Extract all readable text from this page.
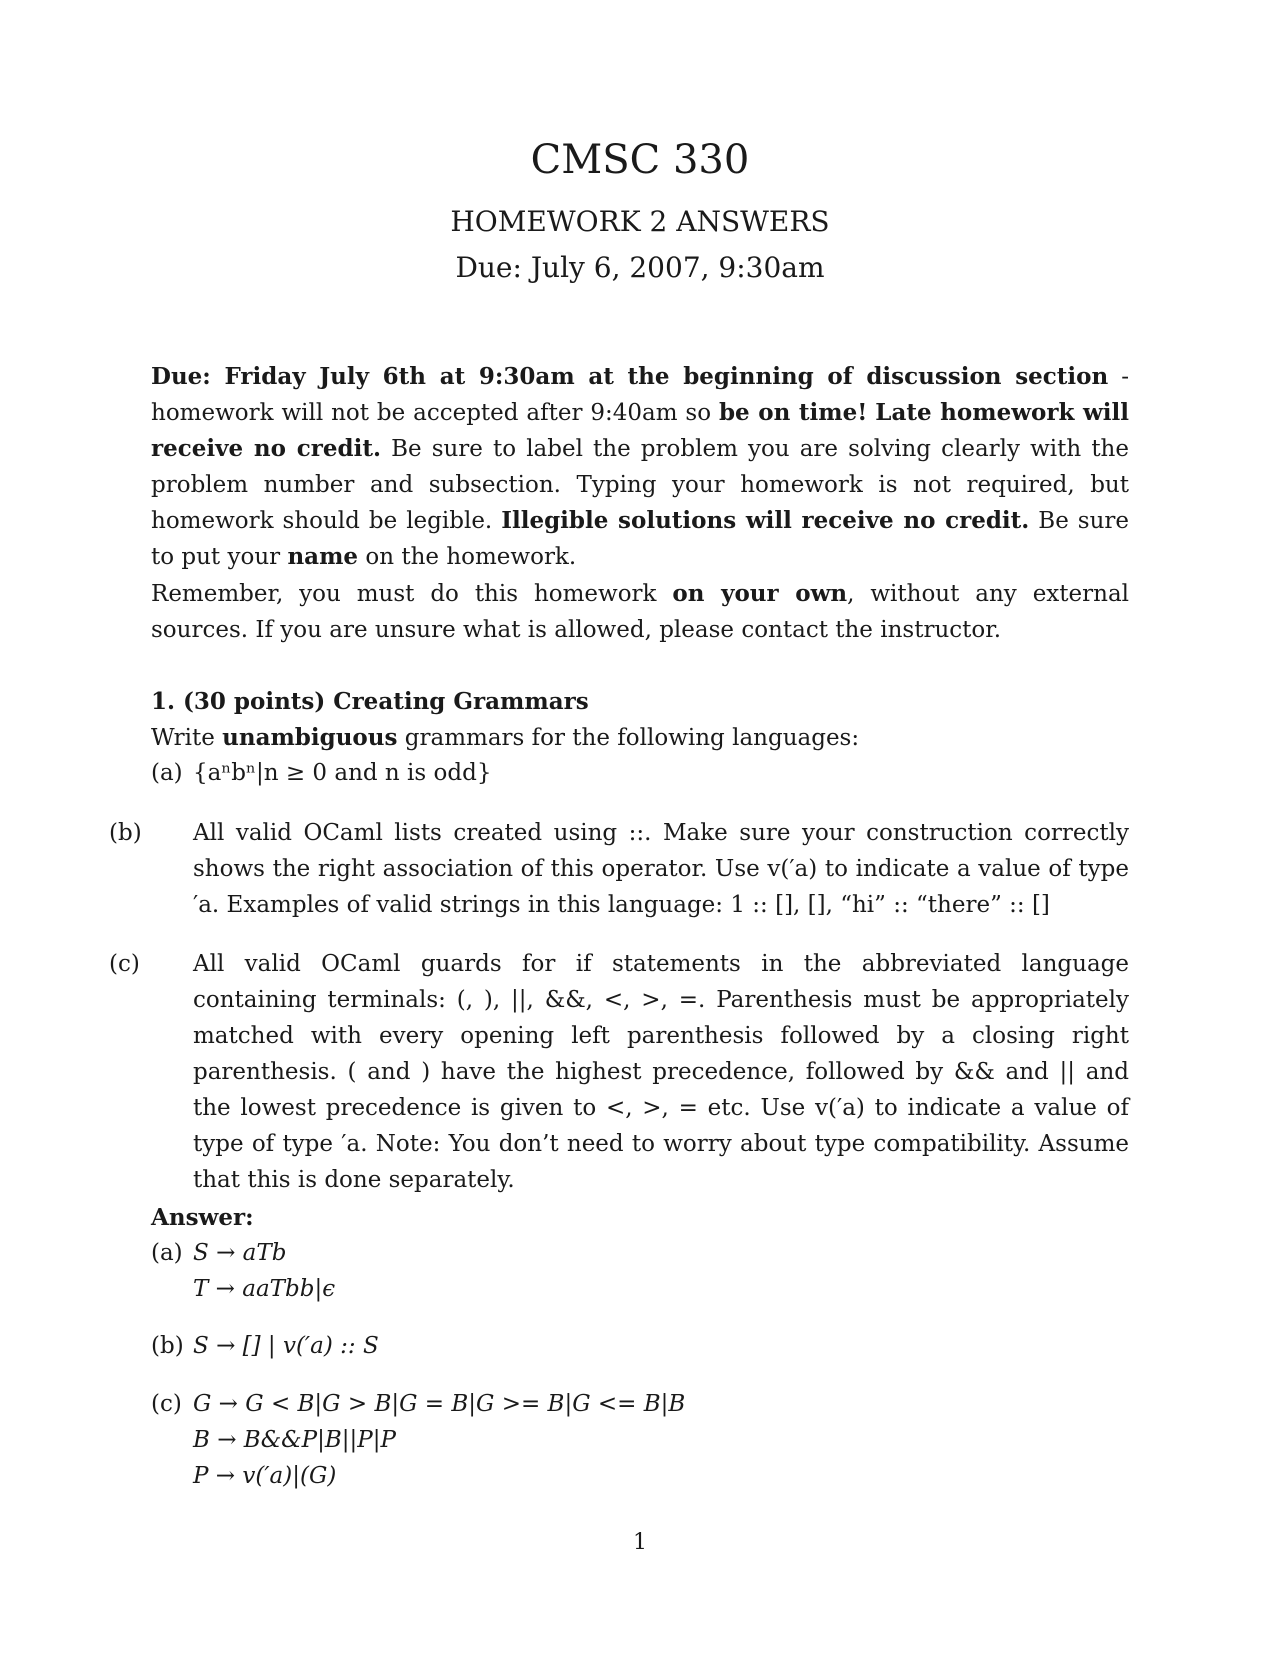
CMSC 330
HOMEWORK 2 ANSWERS
Due: July 6, 2007, 9:30am

Due: Friday July 6th at 9:30am at the beginning of discussion section - homework will not be accepted after 9:40am so be on time! Late homework will receive no credit. Be sure to label the problem you are solving clearly with the problem number and subsection. Typing your homework is not required, but homework should be legible. Illegible solutions will receive no credit. Be sure to put your name on the homework.

Remember, you must do this homework on your own, without any external sources. If you are unsure what is allowed, please contact the instructor.

1. (30 points) Creating Grammars
Write unambiguous grammars for the following languages:
(a) {aⁿbⁿ|n ≥ 0 and n is odd}
(b) All valid OCaml lists created using ::. Make sure your construction correctly shows the right association of this operator. Use v(′a) to indicate a value of type ′a. Examples of valid strings in this language: 1 :: [], [], “hi” :: “there” :: []
(c) All valid OCaml guards for if statements in the abbreviated language containing terminals: (, ), ||, &&, <, >, =. Parenthesis must be appropriately matched with every opening left parenthesis followed by a closing right parenthesis. ( and ) have the highest precedence, followed by && and || and the lowest precedence is given to <, >, = etc. Use v(′a) to indicate a value of type of type ′a. Note: You don’t need to worry about type compatibility. Assume that this is done separately.
Answer:
(a) S → aTb
T → aaTbb|ϵ
(b) S → [] | v(′a) :: S
(c) G → G < B|G > B|G = B|G >= B|G <= B|B
B → B&&P|B||P|P
P → v(′a)|(G)
1
